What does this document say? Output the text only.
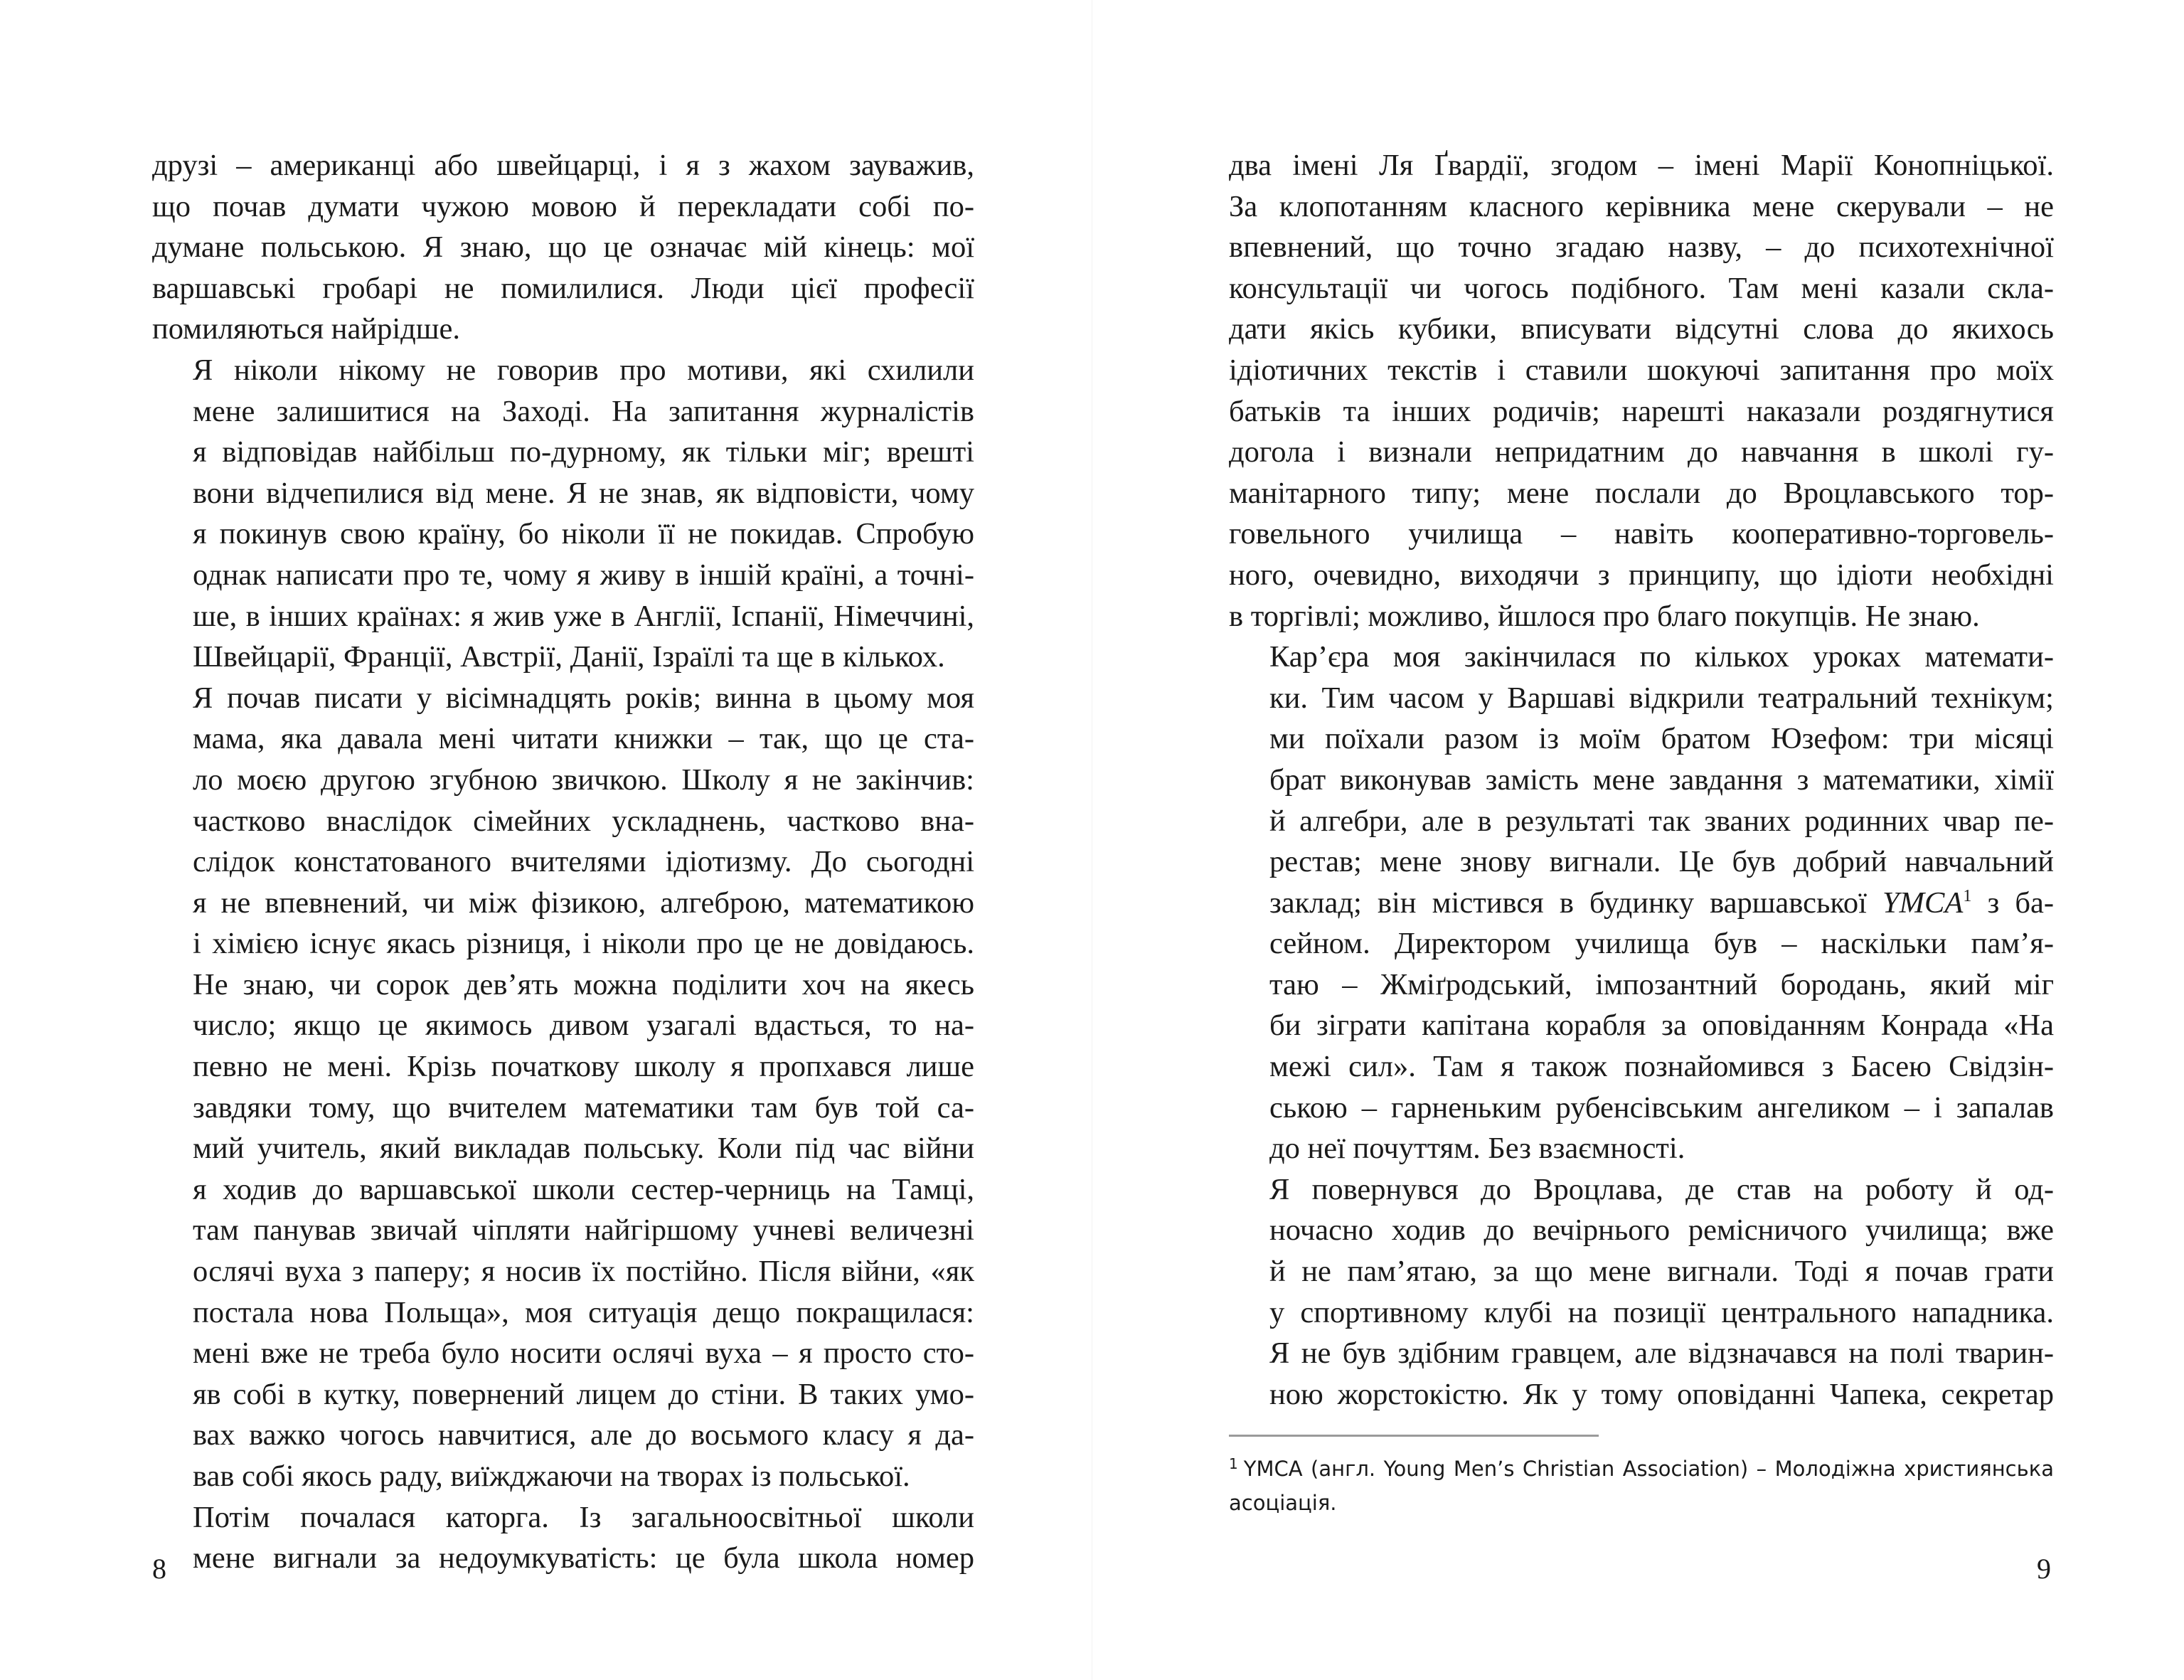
друзі – американці або швейцарці, і я з жахом зауважив,
що почав думати чужою мовою й перекладати собі по-
думане польською. Я знаю, що це означає мій кінець: мої
варшавські гробарі не помилилися. Люди цієї професії
помиляються найрідше.
Я ніколи нікому не говорив про мотиви, які схилили
мене залишитися на Заході. На запитання журналістів
я відповідав найбільш по-дурному, як тільки міг; врешті
вони відчепилися від мене. Я не знав, як відповісти, чому
я покинув свою країну, бо ніколи її не покидав. Спробую
однак написати про те, чому я живу в іншій країні, а точні-
ше, в інших країнах: я жив уже в Англії, Іспанії, Німеччині,
Швейцарії, Франції, Австрії, Данії, Ізраїлі та ще в кількох.
Я почав писати у вісімнадцять років; винна в цьому моя
мама, яка давала мені читати книжки – так, що це ста-
ло моєю другою згубною звичкою. Школу я не закінчив:
частково внаслідок сімейних ускладнень, частково вна-
слідок констатованого вчителями ідіотизму. До сьогодні
я не впевнений, чи між фізикою, алгеброю, математикою
і хімією існує якась різниця, і ніколи про це не довідаюсь.
Не знаю, чи сорок дев’ять можна поділити хоч на якесь
число; якщо це якимось дивом узагалі вдасться, то на-
певно не мені. Крізь початкову школу я пропхався лише
завдяки тому, що вчителем математики там був той са-
мий учитель, який викладав польську. Коли під час війни
я ходив до варшавської школи сестер-черниць на Тамці,
там панував звичай чіпляти найгіршому учневі величезні
ослячі вуха з паперу; я носив їх постійно. Після війни, «як
постала нова Польща», моя ситуація дещо покращилася:
мені вже не треба було носити ослячі вуха – я просто сто-
яв собі в кутку, повернений лицем до стіни. В таких умо-
вах важко чогось навчитися, але до восьмого класу я да-
вав собі якось раду, виїжджаючи на творах із польської.
Потім почалася каторга. Із загальноосвітньої школи
мене вигнали за недоумкуватість: це була школа номер
8
два імені Ля Ґвардії, згодом – імені Марії Конопніцької.
За клопотанням класного керівника мене скерували – не
впевнений, що точно згадаю назву, – до психотехнічної
консультації чи чогось подібного. Там мені казали скла-
дати якісь кубики, вписувати відсутні слова до якихось
ідіотичних текстів і ставили шокуючі запитання про моїх
батьків та інших родичів; нарешті наказали роздягнутися
догола і визнали непридатним до навчання в школі гу-
манітарного типу; мене послали до Вроцлавського тор-
говельного училища – навіть кооперативно-торговель-
ного, очевидно, виходячи з принципу, що ідіоти необхідні
в торгівлі; можливо, йшлося про благо покупців. Не знаю.
Кар’єра моя закінчилася по кількох уроках математи-
ки. Тим часом у Варшаві відкрили театральний технікум;
ми поїхали разом із моїм братом Юзефом: три місяці
брат виконував замість мене завдання з математики, хімії
й алгебри, але в результаті так званих родинних чвар пе-
рестав; мене знову вигнали. Це був добрий навчальний
заклад; він містився в будинку варшавської YMCA$^1$ з ба-
сейном. Директором училища був – наскільки пам’я-
таю – Жміґродський, імпозантний бородань, який міг
би зіграти капітана корабля за оповіданням Конрада «На
межі сил». Там я також познайомився з Басею Свідзін-
ською – гарненьким рубенсівським ангеликом – і запалав
до неї почуттям. Без взаємності.
Я повернувся до Вроцлава, де став на роботу й од-
ночасно ходив до вечірнього ремісничого училища; вже
й не пам’ятаю, за що мене вигнали. Тоді я почав грати
у спортивному клубі на позиції центрального нападника.
Я не був здібним гравцем, але відзначався на полі тварин-
ною жорстокістю. Як у тому оповіданні Чапека, секретар
$^1$ YMCA (англ. Young Men’s Christian Association) – Молодіжна християнська
асоціація.
9
